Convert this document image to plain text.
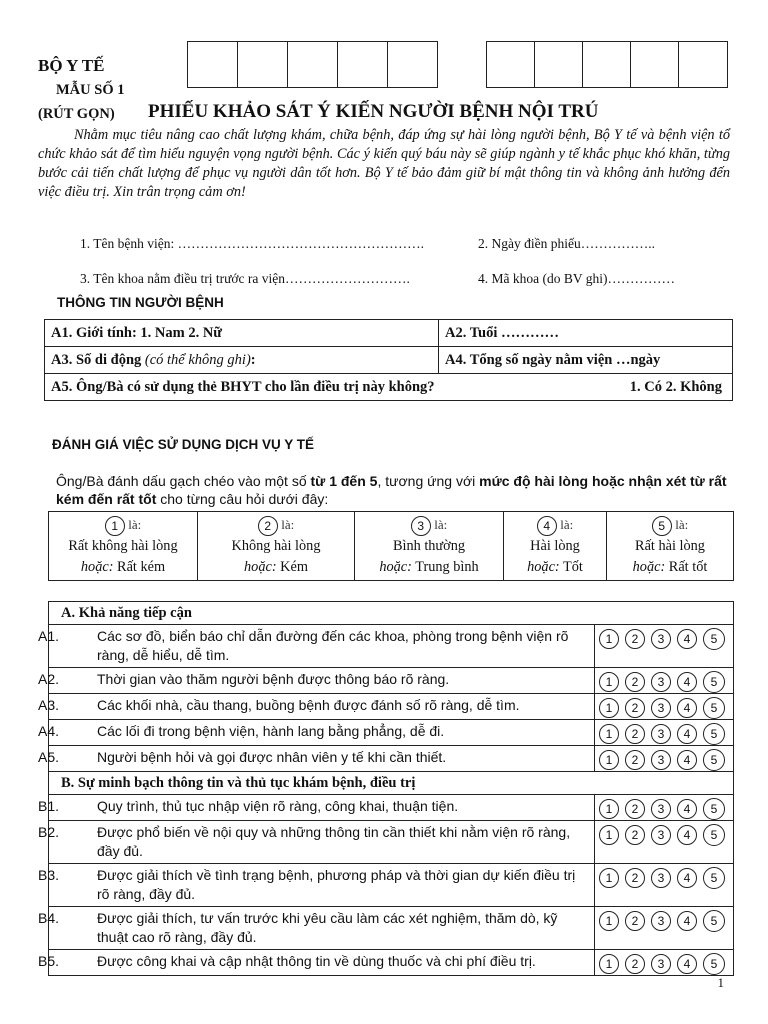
BỘ Y TẾ
MẪU SỐ 1
(RÚT GỌN) PHIẾU KHẢO SÁT Ý KIẾN NGƯỜI BỆNH NỘI TRÚ
Nhằm mục tiêu nâng cao chất lượng khám, chữa bệnh, đáp ứng sự hài lòng người bệnh, Bộ Y tế và bệnh viện tổ chức khảo sát để tìm hiểu nguyện vọng người bệnh. Các ý kiến quý báu này sẽ giúp ngành y tế khắc phục khó khăn, từng bước cải tiến chất lượng để phục vụ người dân tốt hơn. Bộ Y tế bảo đảm giữ bí mật thông tin và không ảnh hưởng đến việc điều trị. Xin trân trọng cảm ơn!
1. Tên bệnh viện: ……………………………………………….	2. Ngày điền phiếu……………..
3. Tên khoa nằm điều trị trước ra viện……………………….	4. Mã khoa (do BV ghi)……………
THÔNG TIN NGƯỜI BỆNH
A1. Giới tính: 1. Nam 2. Nữ	A2. Tuổi …………
A3. Số di động (có thể không ghi):	A4. Tổng số ngày nằm viện …ngày
A5. Ông/Bà có sử dụng thẻ BHYT cho lần điều trị này không? 1. Có 2. Không	
ĐÁNH GIÁ VIỆC SỬ DỤNG DỊCH VỤ Y TẾ
Ông/Bà đánh dấu gạch chéo vào một số từ 1 đến 5, tương ứng với mức độ hài lòng hoặc nhận xét từ rất kém đến rất tốt cho từng câu hỏi dưới đây:
1 là:
Rất không hài lòng
hoặc: Rất kém	2 là:
Không hài lòng
hoặc: Kém	3 là:
Bình thường
hoặc: Trung bình	4 là:
Hài lòng
hoặc: Tốt	5 là:
Rất hài lòng
hoặc: Rất tốt
A. Khả năng tiếp cận	

A1. Các sơ đồ, biển báo chỉ dẫn đường đến các khoa, phòng trong bệnh viện rõ ràng, dễ hiểu, dễ tìm.	1 2 3 4 5

A2. Thời gian vào thăm người bệnh được thông báo rõ ràng.	1 2 3 4 5

A3. Các khối nhà, cầu thang, buồng bệnh được đánh số rõ ràng, dễ tìm.	1 2 3 4 5

A4. Các lối đi trong bệnh viện, hành lang bằng phẳng, dễ đi.	1 2 3 4 5

A5. Người bệnh hỏi và gọi được nhân viên y tế khi cần thiết.	1 2 3 4 5
B. Sự minh bạch thông tin và thủ tục khám bệnh, điều trị	

B1. Quy trình, thủ tục nhập viện rõ ràng, công khai, thuận tiện.	1 2 3 4 5

B2. Được phổ biến về nội quy và những thông tin cần thiết khi nằm viện rõ ràng, đầy đủ.	1 2 3 4 5

B3. Được giải thích về tình trạng bệnh, phương pháp và thời gian dự kiến điều trị rõ ràng, đầy đủ.	1 2 3 4 5

B4. Được giải thích, tư vấn trước khi yêu cầu làm các xét nghiệm, thăm dò, kỹ thuật cao rõ ràng, đầy đủ.	1 2 3 4 5

B5. Được công khai và cập nhật thông tin về dùng thuốc và chi phí điều trị.	1 2 3 4 5
1
